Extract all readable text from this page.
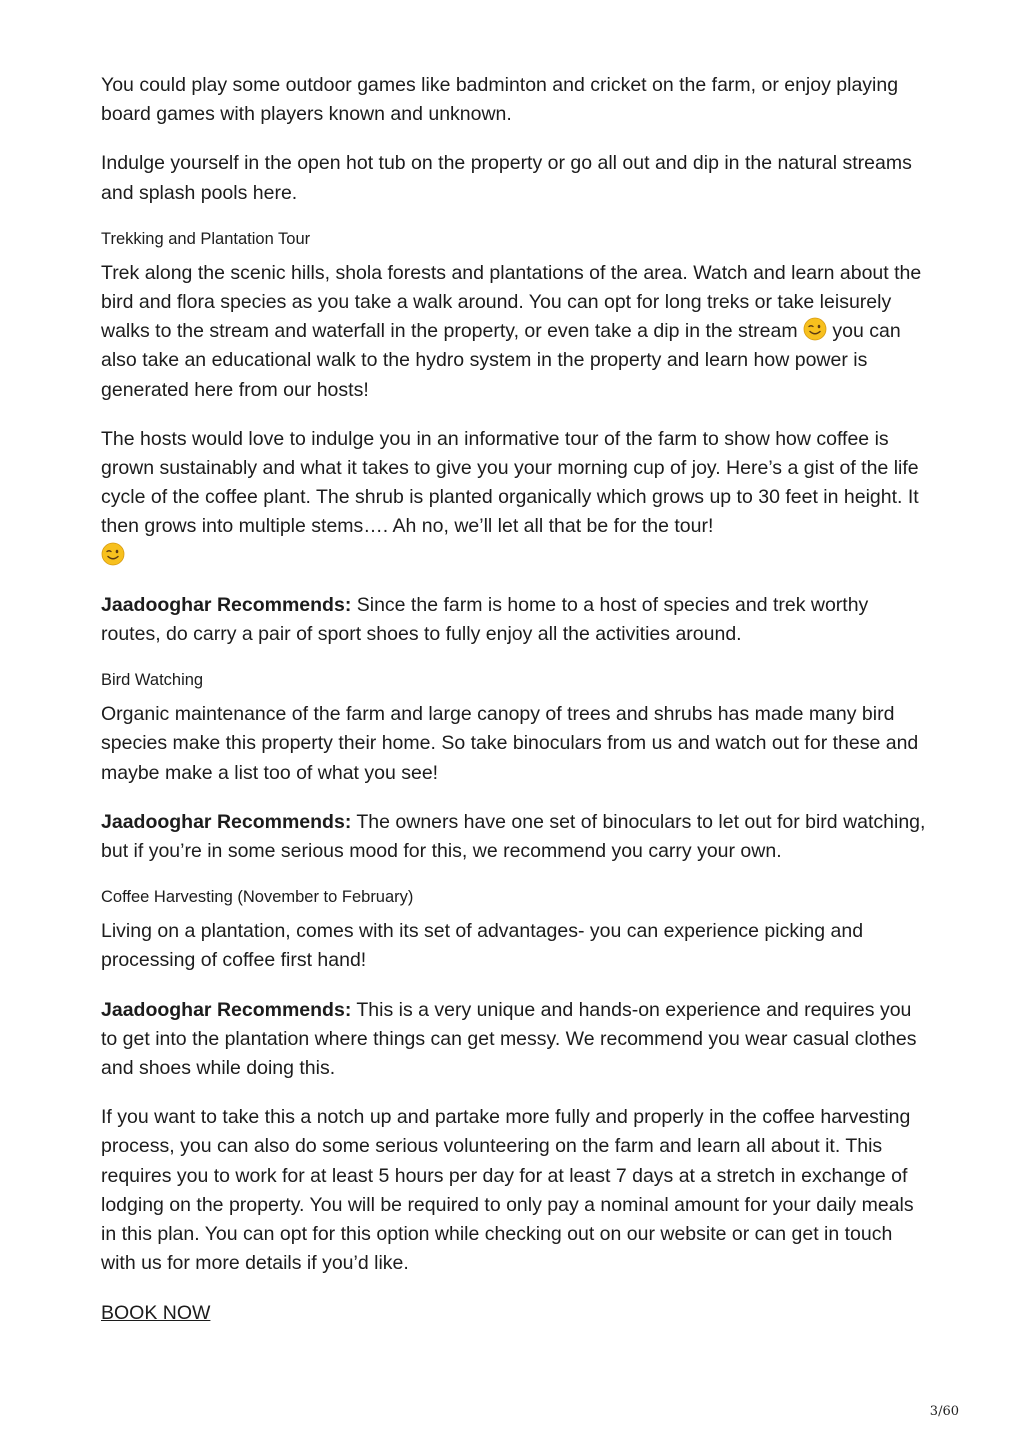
You could play some outdoor games like badminton and cricket on the farm, or enjoy playing board games with players known and unknown.

Indulge yourself in the open hot tub on the property or go all out and dip in the natural streams and splash pools here.

Trekking and Plantation Tour

Trek along the scenic hills, shola forests and plantations of the area. Watch and learn about the bird and flora species as you take a walk around. You can opt for long treks or take leisurely walks to the stream and waterfall in the property, or even take a dip in the stream  you can also take an educational walk to the hydro system in the property and learn how power is generated here from our hosts!

The hosts would love to indulge you in an informative tour of the farm to show how coffee is grown sustainably and what it takes to give you your morning cup of joy. Here’s a gist of the life cycle of the coffee plant. The shrub is planted organically which grows up to 30 feet in height. It then grows into multiple stems…. Ah no, we’ll let all that be for the tour!

Jaadooghar Recommends: Since the farm is home to a host of species and trek worthy routes, do carry a pair of sport shoes to fully enjoy all the activities around.

Bird Watching

Organic maintenance of the farm and large canopy of trees and shrubs has made many bird species make this property their home. So take binoculars from us and watch out for these and maybe make a list too of what you see!

Jaadooghar Recommends: The owners have one set of binoculars to let out for bird watching, but if you’re in some serious mood for this, we recommend you carry your own.

Coffee Harvesting (November to February)

Living on a plantation, comes with its set of advantages- you can experience picking and processing of coffee first hand!

Jaadooghar Recommends: This is a very unique and hands-on experience and requires you to get into the plantation where things can get messy. We recommend you wear casual clothes and shoes while doing this.

If you want to take this a notch up and partake more fully and properly in the coffee harvesting process, you can also do some serious volunteering on the farm and learn all about it. This requires you to work for at least 5 hours per day for at least 7 days at a stretch in exchange of lodging on the property. You will be required to only pay a nominal amount for your daily meals in this plan. You can opt for this option while checking out on our website or can get in touch with us for more details if you’d like.

BOOK NOW

3/60
